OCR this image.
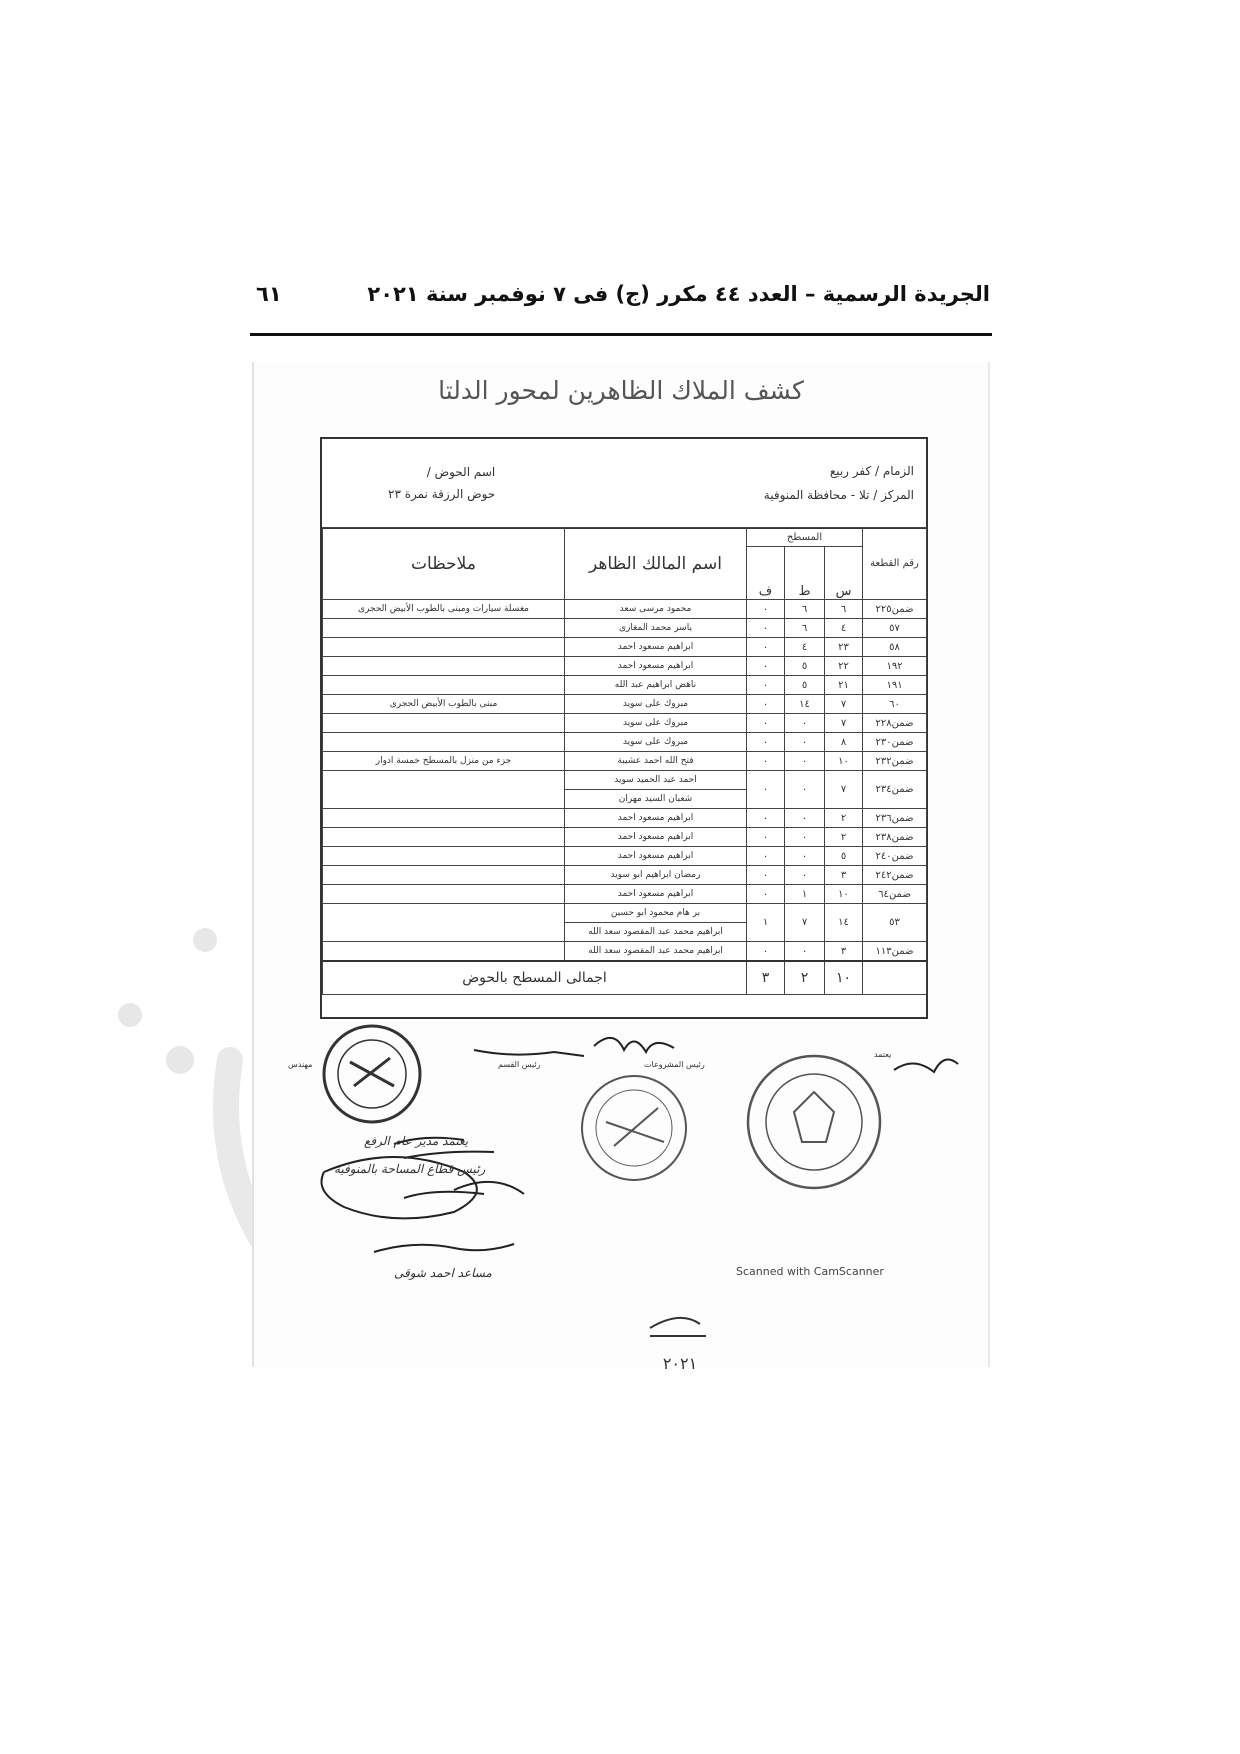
الجريدة الرسمية – العدد ٤٤ مكرر (ج) فى ٧ نوفمبر سنة ٢٠٢١
٦١
كشف الملاك الظاهرين لمحور الدلتا
الزمام / كفر ربيع
المركز / تلا - محافظة المنوفية
اسم الحوض /
حوض الرزقة نمرة ٢٣
رقم القطعة	المسطح			اسم المالك الظاهر	ملاحظات
	س	ط	ف		
ضمن٢٢٥	٦	٦	٠	محمود مرسى سعد	مغسلة سيارات ومبنى بالطوب الأبيض الحجرى
٥٧	٤	٦	٠	ياسر محمد المغازى	
٥٨	٢٣	٤	٠	ابراهيم مسعود احمد	
١٩٢	٢٢	٥	٠	ابراهيم مسعود احمد	
١٩١	٢١	٥	٠	ناهض ابراهيم عبد الله	
٦٠	٧	١٤	٠	مبروك على سويد	مبنى بالطوب الأبيض الحجرى
ضمن٢٢٨	٧	٠	٠	مبروك على سويد	
ضمن٢٣٠	٨	٠	٠	مبروك على سويد	
ضمن٢٣٢	١٠	٠	٠	فتح الله احمد عشيبة	جزء من منزل بالمسطح خمسة ادوار
ضمن٢٣٤	٧	٠	٠	احمد عبد الحميد سويد	
				شعبان السيد مهران	
ضمن٢٣٦	٢	٠	٠	ابراهيم مسعود احمد	
ضمن٢٣٨	٢	٠	٠	ابراهيم مسعود احمد	
ضمن٢٤٠	٥	٠	٠	ابراهيم مسعود احمد	
ضمن٢٤٢	٣	٠	٠	رمضان ابراهيم ابو سويد	
ضمن٦٤	١٠	١	٠	ابراهيم مسعود احمد	
٥٣	١٤	٧	١	بر هام محمود ابو حسين	
				ابراهيم محمد عبد المقصود سعد الله	
ضمن١١٣	٣	٠	٠	ابراهيم محمد عبد المقصود سعد الله	
	١٠	٢	٣	اجمالى المسطح بالحوض	
مهندس	رئيس القسم	رئيس المشروعات
يعتمد
يعتمد مدير عام الرفع
رئيس قطاع المساحة بالمنوفية
مساعد احمد شوقى	Scanned with CamScanner
٢٠٢١
